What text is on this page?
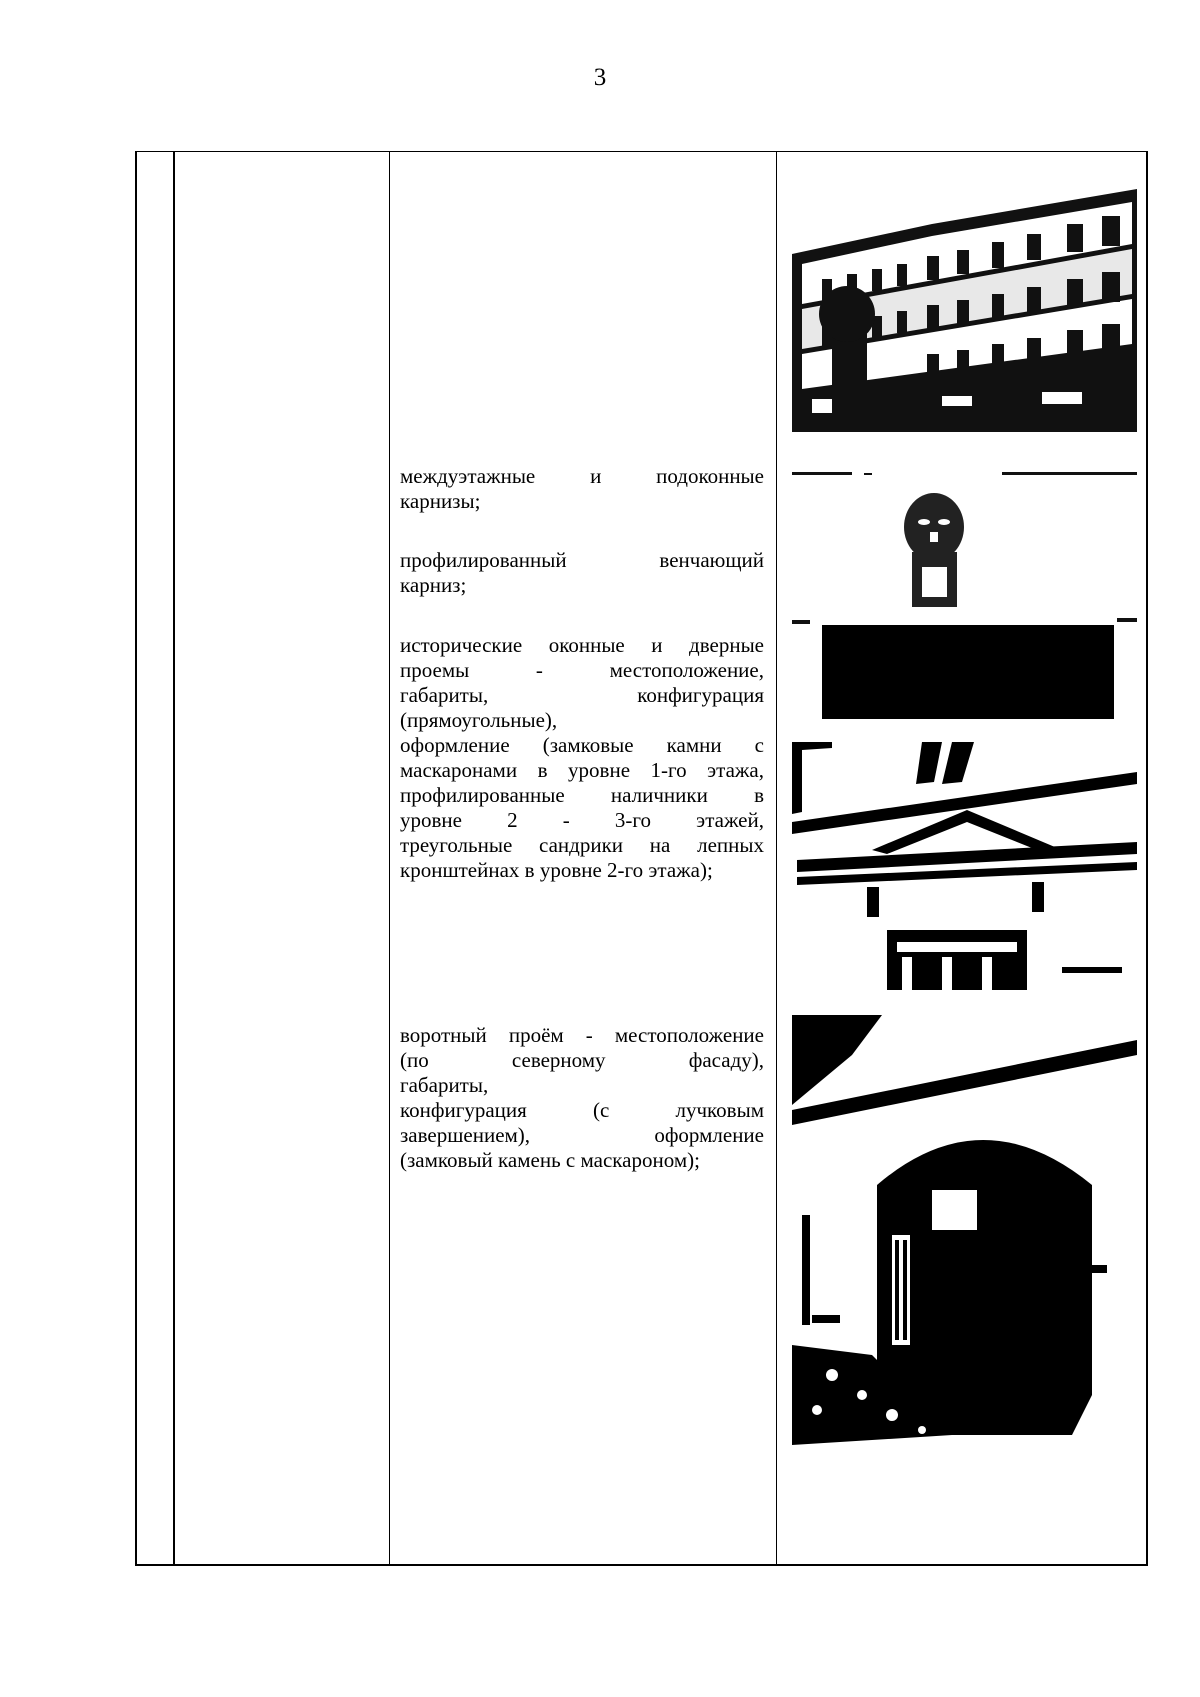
3

междуэтажные и подоконные
карнизы;

профилированный венчающий
карниз;

исторические оконные и дверные
проемы - местоположение,
габариты, конфигурация
(прямоугольные),
оформление (замковые камни с
маскаронами в уровне 1-го этажа,
профилированные наличники в
уровне 2 - 3-го этажей,
треугольные сандрики на лепных
кронштейнах в уровне 2-го этажа);

воротный проём - местоположение
(по северному фасаду),
габариты,
конфигурация (с лучковым
завершением), оформление
(замковый камень с маскароном);
